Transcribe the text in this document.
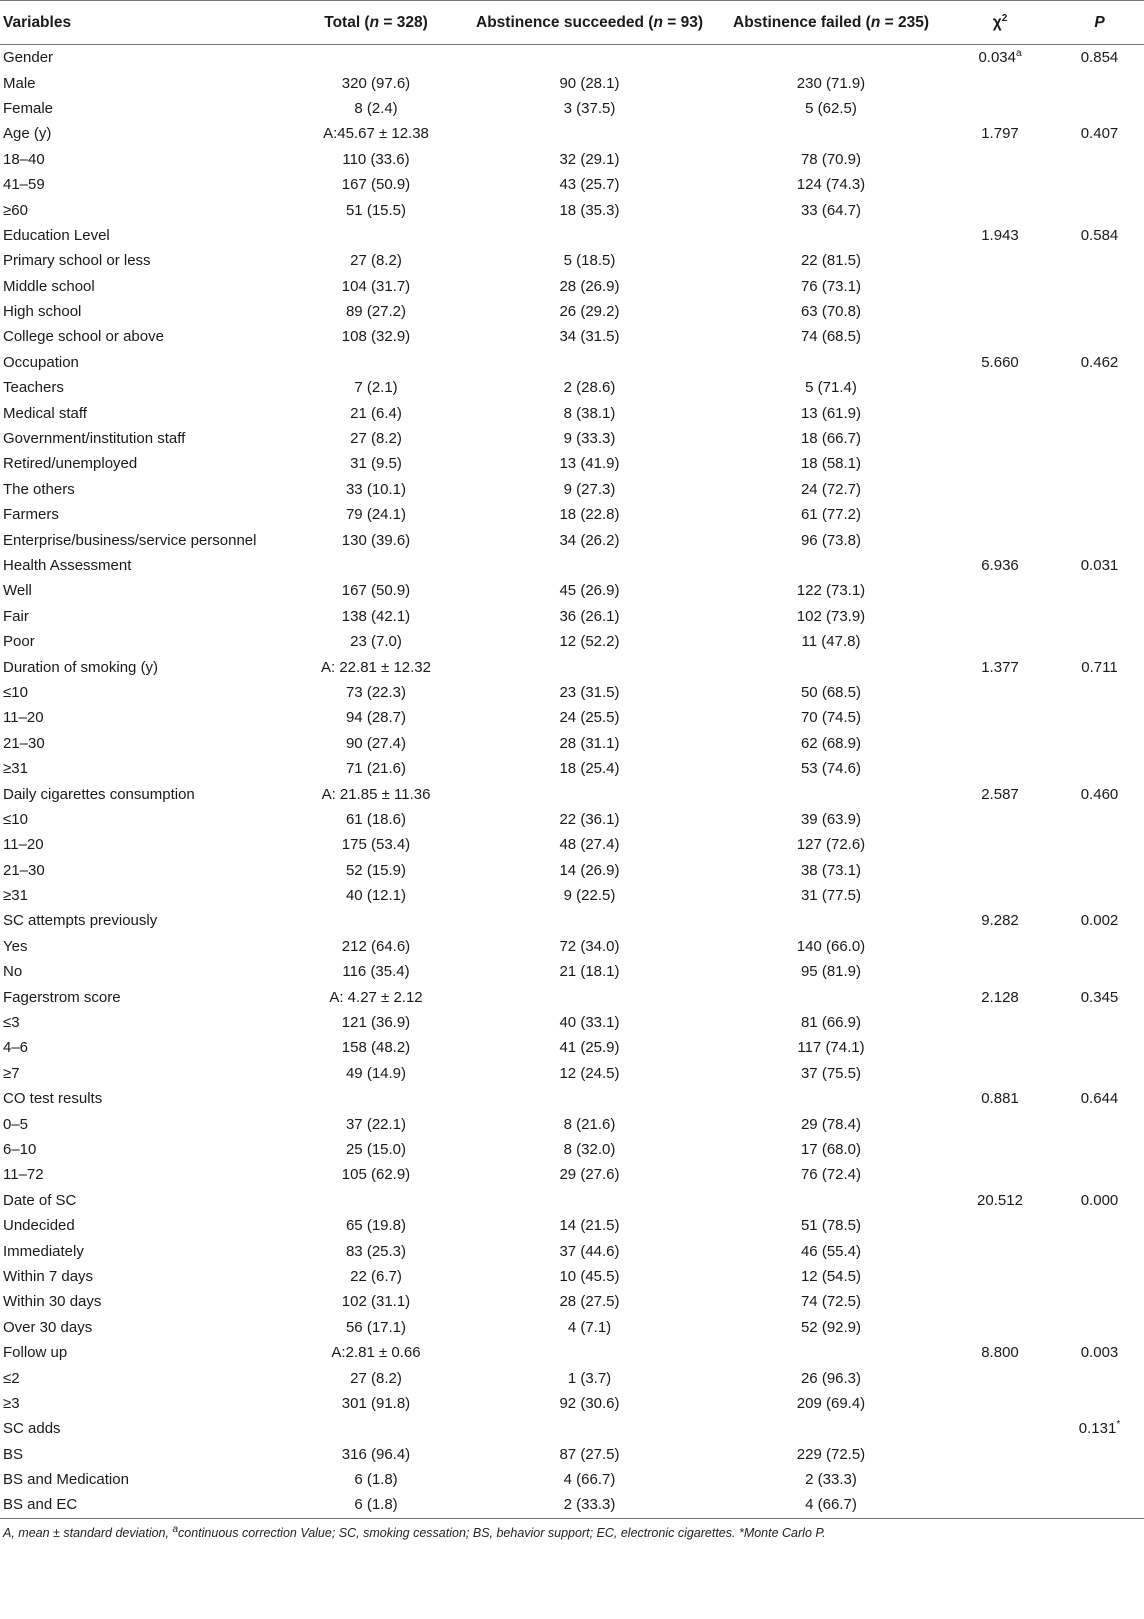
Variables	Total (n = 328)	Abstinence succeeded (n = 93)	Abstinence failed (n = 235)	$\chi^2$	P
Gender				0.034$^a$	0.854
Male	320 (97.6)	90 (28.1)	230 (71.9)		
Female	8 (2.4)	3 (37.5)	5 (62.5)		
Age (y)	A:45.67 ± 12.38			1.797	0.407
18–40	110 (33.6)	32 (29.1)	78 (70.9)		
41–59	167 (50.9)	43 (25.7)	124 (74.3)		
≥60	51 (15.5)	18 (35.3)	33 (64.7)		
Education Level				1.943	0.584
Primary school or less	27 (8.2)	5 (18.5)	22 (81.5)		
Middle school	104 (31.7)	28 (26.9)	76 (73.1)		
High school	89 (27.2)	26 (29.2)	63 (70.8)		
College school or above	108 (32.9)	34 (31.5)	74 (68.5)		
Occupation				5.660	0.462
Teachers	7 (2.1)	2 (28.6)	5 (71.4)		
Medical staff	21 (6.4)	8 (38.1)	13 (61.9)		
Government/institution staff	27 (8.2)	9 (33.3)	18 (66.7)		
Retired/unemployed	31 (9.5)	13 (41.9)	18 (58.1)		
The others	33 (10.1)	9 (27.3)	24 (72.7)		
Farmers	79 (24.1)	18 (22.8)	61 (77.2)		
Enterprise/business/service personnel	130 (39.6)	34 (26.2)	96 (73.8)		
Health Assessment				6.936	0.031
Well	167 (50.9)	45 (26.9)	122 (73.1)		
Fair	138 (42.1)	36 (26.1)	102 (73.9)		
Poor	23 (7.0)	12 (52.2)	11 (47.8)		
Duration of smoking (y)	A: 22.81 ± 12.32			1.377	0.711
≤10	73 (22.3)	23 (31.5)	50 (68.5)		
11–20	94 (28.7)	24 (25.5)	70 (74.5)		
21–30	90 (27.4)	28 (31.1)	62 (68.9)		
≥31	71 (21.6)	18 (25.4)	53 (74.6)		
Daily cigarettes consumption	A: 21.85 ± 11.36			2.587	0.460
≤10	61 (18.6)	22 (36.1)	39 (63.9)		
11–20	175 (53.4)	48 (27.4)	127 (72.6)		
21–30	52 (15.9)	14 (26.9)	38 (73.1)		
≥31	40 (12.1)	9 (22.5)	31 (77.5)		
SC attempts previously				9.282	0.002
Yes	212 (64.6)	72 (34.0)	140 (66.0)		
No	116 (35.4)	21 (18.1)	95 (81.9)		
Fagerstrom score	A: 4.27 ± 2.12			2.128	0.345
≤3	121 (36.9)	40 (33.1)	81 (66.9)		
4–6	158 (48.2)	41 (25.9)	117 (74.1)		
≥7	49 (14.9)	12 (24.5)	37 (75.5)		
CO test results				0.881	0.644
0–5	37 (22.1)	8 (21.6)	29 (78.4)		
6–10	25 (15.0)	8 (32.0)	17 (68.0)		
11–72	105 (62.9)	29 (27.6)	76 (72.4)		
Date of SC				20.512	0.000
Undecided	65 (19.8)	14 (21.5)	51 (78.5)		
Immediately	83 (25.3)	37 (44.6)	46 (55.4)		
Within 7 days	22 (6.7)	10 (45.5)	12 (54.5)		
Within 30 days	102 (31.1)	28 (27.5)	74 (72.5)		
Over 30 days	56 (17.1)	4 (7.1)	52 (92.9)		
Follow up	A:2.81 ± 0.66			8.800	0.003
≤2	27 (8.2)	1 (3.7)	26 (96.3)		
≥3	301 (91.8)	92 (30.6)	209 (69.4)		
SC adds					0.131*
BS	316 (96.4)	87 (27.5)	229 (72.5)		
BS and Medication	6 (1.8)	4 (66.7)	2 (33.3)		
BS and EC	6 (1.8)	2 (33.3)	4 (66.7)		
A, mean ± standard deviation, $^a$continuous correction Value; SC, smoking cessation; BS, behavior support; EC, electronic cigarettes. *Monte Carlo P.
